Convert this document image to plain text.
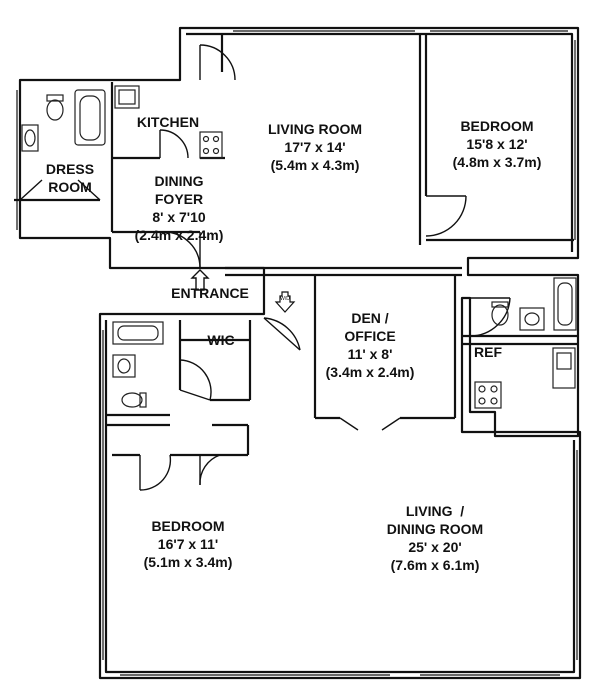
W/D
LIVING ROOM
17'7 x 14'
(5.4m x 4.3m)
BEDROOM
15'8 x 12'
(4.8m x 3.7m)
KITCHEN
DRESS
ROOM	DINING
FOYER
8' x 7'10
(2.4m x 2.4m)
ENTRANCE
WIC
DEN /
OFFICE
11' x 8'
(3.4m x 2.4m)
REF
BEDROOM
16'7 x 11'
(5.1m x 3.4m)
LIVING  /
DINING ROOM
25' x 20'
(7.6m x 6.1m)
